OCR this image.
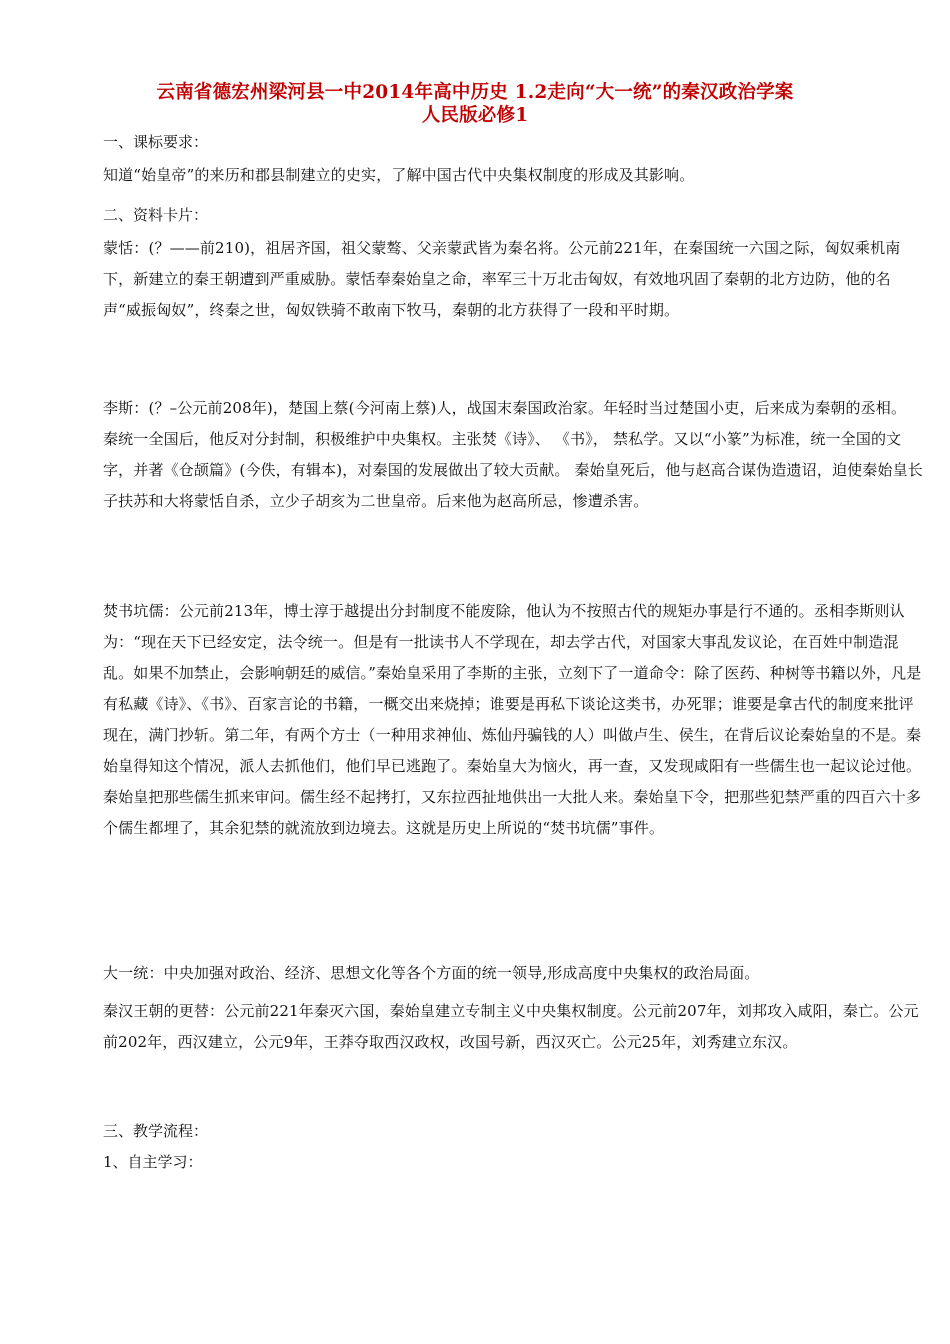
云南省德宏州梁河县一中2014年高中历史 1.2走向“大一统”的秦汉政治学案
人民版必修1
一、课标要求：
知道“始皇帝”的来历和郡县制建立的史实，了解中国古代中央集权制度的形成及其影响。
二、资料卡片：
蒙恬：(？——前210)，祖居齐国，祖父蒙骜、父亲蒙武皆为秦名将。公元前221年，在秦国统一六国之际，匈奴乘机南下，新建立的秦王朝遭到严重威胁。蒙恬奉秦始皇之命，率军三十万北击匈奴，有效地巩固了秦朝的北方边防，他的名声“威振匈奴”，终秦之世，匈奴铁骑不敢南下牧马，秦朝的北方获得了一段和平时期。
李斯：(？–公元前208年)，楚国上蔡(今河南上蔡)人，战国末秦国政治家。年轻时当过楚国小吏，后来成为秦朝的丞相。 秦统一全国后，他反对分封制，积极维护中央集权。主张焚《诗》、 《书》， 禁私学。又以“小篆”为标准，统一全国的文字，并著《仓颉篇》(今佚，有辑本)，对秦国的发展做出了较大贡献。 秦始皇死后，他与赵高合谋伪造遗诏，迫使秦始皇长子扶苏和大将蒙恬自杀，立少子胡亥为二世皇帝。后来他为赵高所忌，惨遭杀害。
焚书坑儒：公元前213年，博士淳于越提出分封制度不能废除，他认为不按照古代的规矩办事是行不通的。丞相李斯则认为：“现在天下已经安定，法令统一。但是有一批读书人不学现在，却去学古代，对国家大事乱发议论，在百姓中制造混乱。如果不加禁止，会影响朝廷的威信。”秦始皇采用了李斯的主张，立刻下了一道命令：除了医药、种树等书籍以外，凡是有私藏《诗》、《书》、百家言论的书籍，一概交出来烧掉；谁要是再私下谈论这类书，办死罪；谁要是拿古代的制度来批评现在，满门抄斩。第二年，有两个方士（一种用求神仙、炼仙丹骗钱的人）叫做卢生、侯生，在背后议论秦始皇的不是。秦始皇得知这个情况，派人去抓他们，他们早已逃跑了。秦始皇大为恼火，再一查，又发现咸阳有一些儒生也一起议论过他。秦始皇把那些儒生抓来审问。儒生经不起拷打，又东拉西扯地供出一大批人来。秦始皇下令，把那些犯禁严重的四百六十多个儒生都埋了，其余犯禁的就流放到边境去。这就是历史上所说的“焚书坑儒”事件。
大一统：中央加强对政治、经济、思想文化等各个方面的统一领导,形成高度中央集权的政治局面。
秦汉王朝的更替：公元前221年秦灭六国，秦始皇建立专制主义中央集权制度。公元前207年，刘邦攻入咸阳，秦亡。公元前202年，西汉建立，公元9年，王莽夺取西汉政权，改国号新，西汉灭亡。公元25年，刘秀建立东汉。
三、教学流程：
1、自主学习：
